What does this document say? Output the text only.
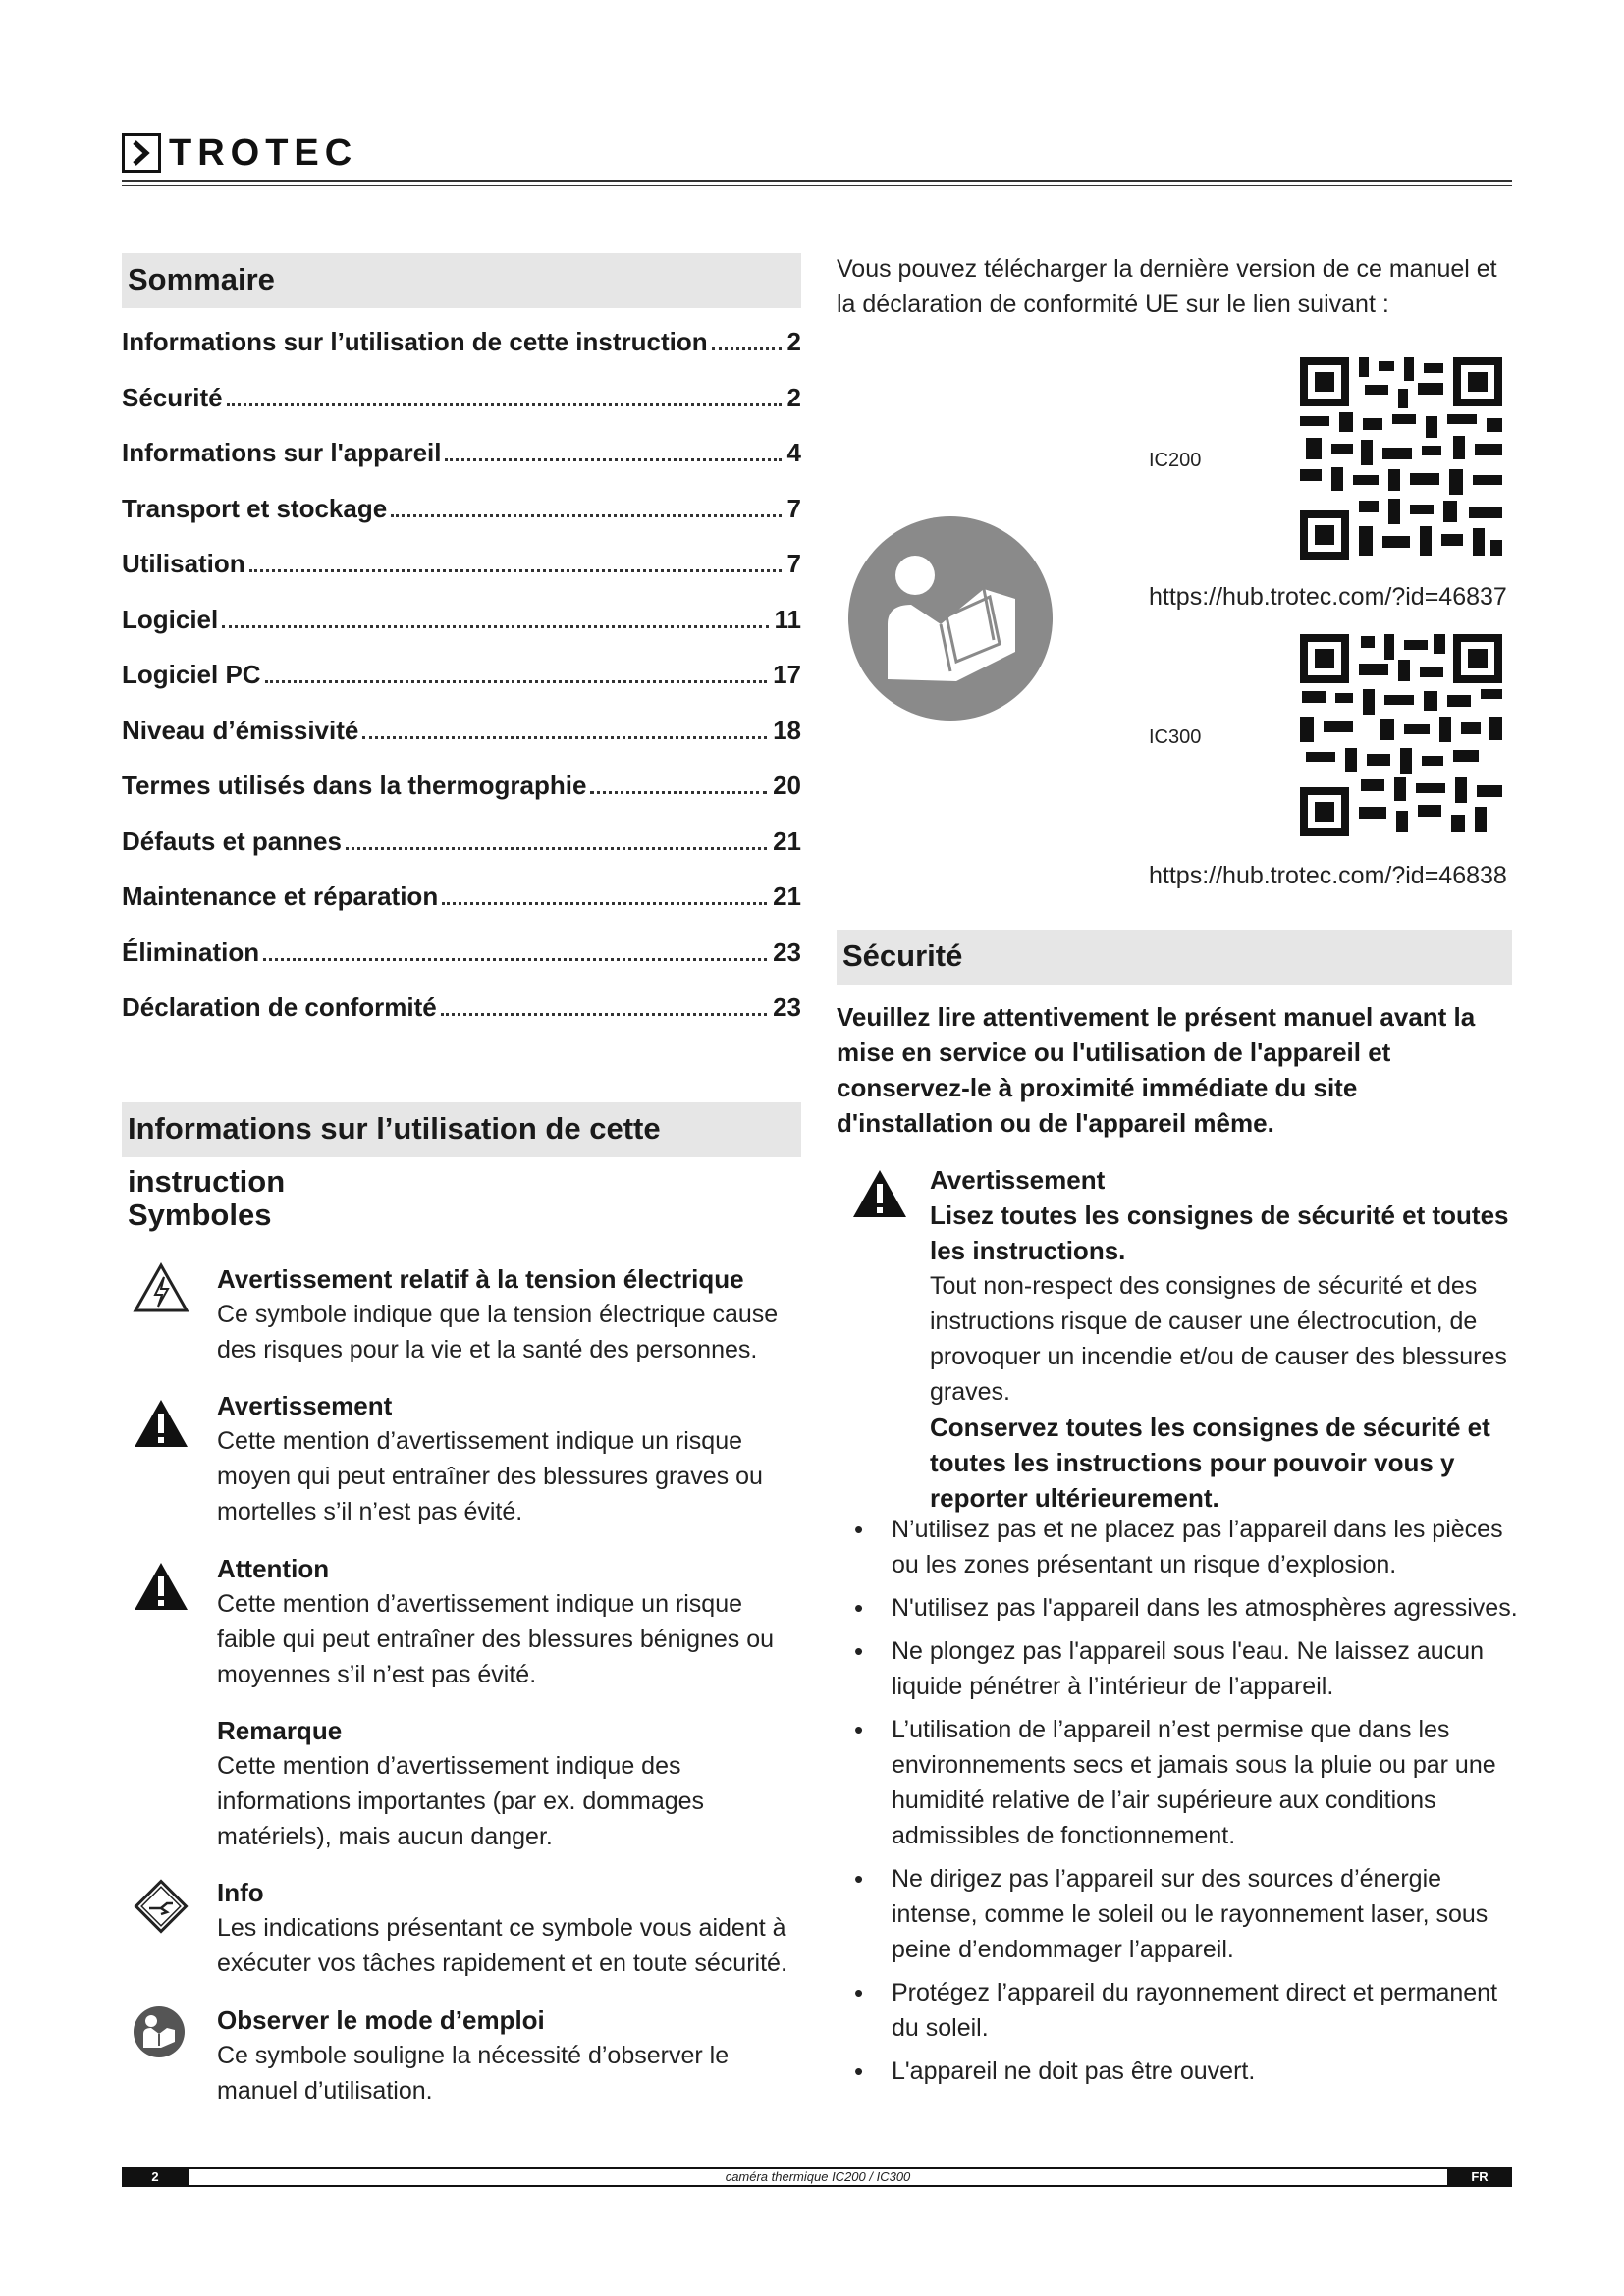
TROTEC
Sommaire
Informations sur l’utilisation de cette instruction	2
Sécurité	2
Informations sur l'appareil	4
Transport et stockage	7
Utilisation	7
Logiciel	11
Logiciel PC	17
Niveau d’émissivité	18
Termes utilisés dans la thermographie	20
Défauts et pannes	21
Maintenance et réparation	21
Élimination	23
Déclaration de conformité	23
Informations sur l’utilisation de cette instruction
Symboles
Avertissement relatif à la tension électrique
Ce symbole indique que la tension électrique cause des risques pour la vie et la santé des personnes.
Avertissement
Cette mention d’avertissement indique un risque moyen qui peut entraîner des blessures graves ou mortelles s’il n’est pas évité.
Attention
Cette mention d’avertissement indique un risque faible qui peut entraîner des blessures bénignes ou moyennes s’il n’est pas évité.
Remarque
Cette mention d’avertissement indique des informations importantes (par ex. dommages matériels), mais aucun danger.
Info
Les indications présentant ce symbole vous aident à exécuter vos tâches rapidement et en toute sécurité.
Observer le mode d’emploi
Ce symbole souligne la nécessité d’observer le manuel d’utilisation.
Vous pouvez télécharger la dernière version de ce manuel et la déclaration de conformité UE sur le lien suivant :
IC200
https://hub.trotec.com/?id=46837
IC300
https://hub.trotec.com/?id=46838
Sécurité
Veuillez lire attentivement le présent manuel avant la mise en service ou l'utilisation de l'appareil et conservez-le à proximité immédiate du site d'installation ou de l'appareil même.
Avertissement
Lisez toutes les consignes de sécurité et toutes les instructions.
Tout non-respect des consignes de sécurité et des instructions risque de causer une électrocution, de provoquer un incendie et/ou de causer des blessures graves.
Conservez toutes les consignes de sécurité et toutes les instructions pour pouvoir vous y reporter ultérieurement.
• N’utilisez pas et ne placez pas l’appareil dans les pièces ou les zones présentant un risque d’explosion.
• N'utilisez pas l'appareil dans les atmosphères agressives.
• Ne plongez pas l'appareil sous l'eau. Ne laissez aucun liquide pénétrer à l’intérieur de l’appareil.
• L’utilisation de l’appareil n’est permise que dans les environnements secs et jamais sous la pluie ou par une humidité relative de l’air supérieure aux conditions admissibles de fonctionnement.
• Ne dirigez pas l’appareil sur des sources d’énergie intense, comme le soleil ou le rayonnement laser, sous peine d’endommager l’appareil.
• Protégez l’appareil du rayonnement direct et permanent du soleil.
• L'appareil ne doit pas être ouvert.
2	caméra thermique IC200 / IC300	FR
